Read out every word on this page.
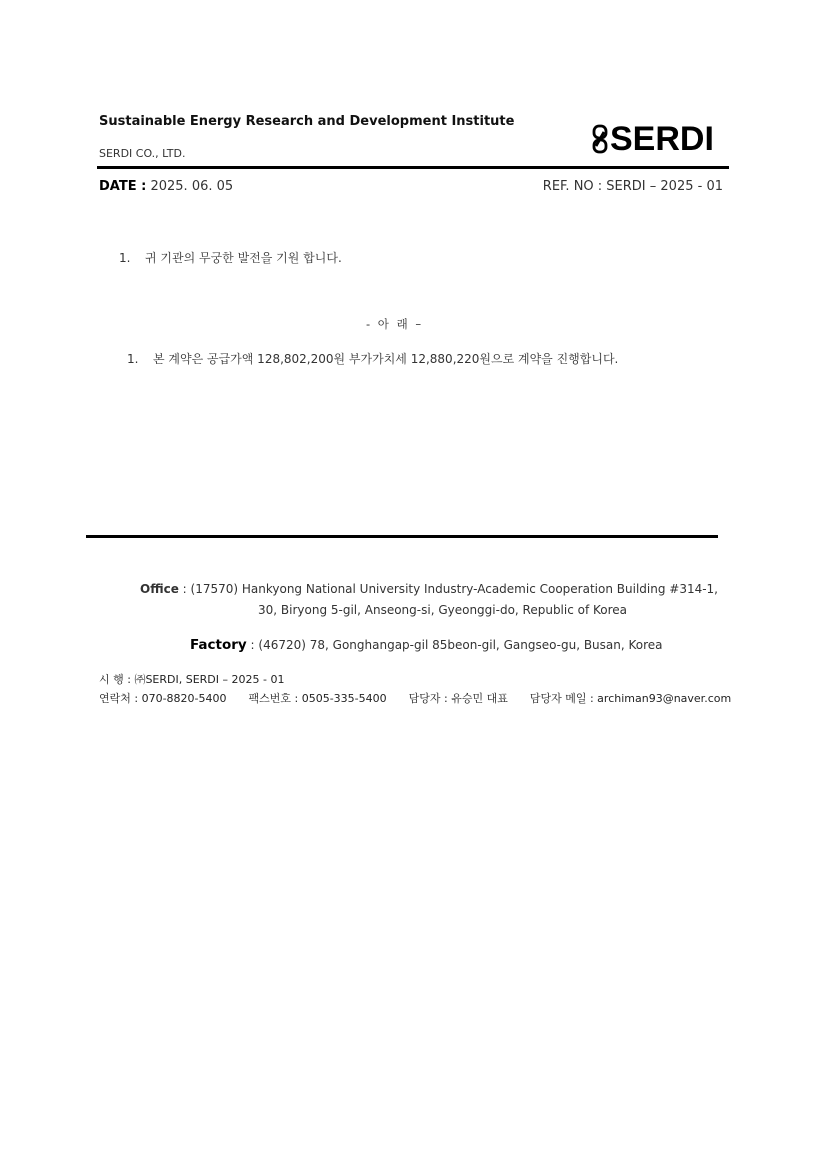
Sustainable Energy Research and Development Institute
SERDI CO., LTD.	SERDI
DATE : 2025. 06. 05	REF. NO : SERDI – 2025 - 01
1. 귀 기관의 무궁한 발전을 기원 합니다.
- 아 래 –
1. 본 계약은 공급가액 128,802,200원 부가가치세 12,880,220원으로 계약을 진행합니다.
Office : (17570) Hankyong National University Industry-Academic Cooperation Building #314-1,
30, Biryong 5-gil, Anseong-si, Gyeonggi-do, Republic of Korea
Factory : (46720) 78, Gonghangap-gil 85beon-gil, Gangseo-gu, Busan, Korea
시 행 : ㈜SERDI, SERDI – 2025 - 01
연락처 : 070-8820-5400 팩스번호 : 0505-335-5400 담당자 : 유승민 대표 담당자 메일 : archiman93@naver.com
